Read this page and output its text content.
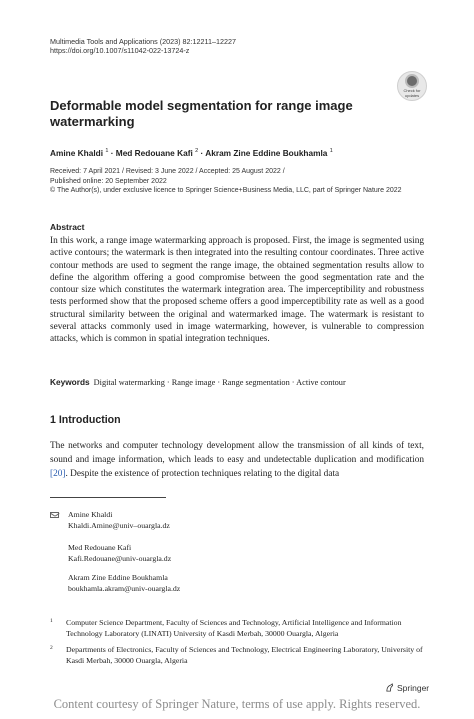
Multimedia Tools and Applications (2023) 82:12211–12227
https://doi.org/10.1007/s11042-022-13724-z
Check for
updates
Deformable model segmentation for range image watermarking
Amine Khaldi $^1$ · Med Redouane Kafi $^2$ · Akram Zine Eddine Boukhamla $^1$
Received: 7 April 2021 / Revised: 3 June 2022 / Accepted: 25 August 2022 /
Published online: 20 September 2022
© The Author(s), under exclusive licence to Springer Science+Business Media, LLC, part of Springer Nature 2022
Abstract
In this work, a range image watermarking approach is proposed. First, the image is segmented using active contours; the watermark is then integrated into the resulting contour coordinates. Three active contour methods are used to segment the range image, the obtained segmentation results allow to define the algorithm offering a good compromise between the good segmentation rate and the contour size which constitutes the watermark integration area. The imperceptibility and robustness tests performed show that the proposed scheme offers a good imperceptibility rate as well as a good structural similarity between the original and watermarked image. The watermark is resistant to several attacks commonly used in image watermarking, however, is vulnerable to compression attacks, which is common in spatial integration techniques.
Keywords Digital watermarking · Range image · Range segmentation · Active contour
1 Introduction
The networks and computer technology development allow the transmission of all kinds of text, sound and image information, which leads to easy and undetectable duplication and modification [20]. Despite the existence of protection techniques relating to the digital data
Amine Khaldi
Khaldi.Amine@univ–ouargla.dz
Med Redouane Kafi
Kafi.Redouane@univ-ouargla.dz
Akram Zine Eddine Boukhamla
boukhamla.akram@univ-ouargla.dz
1 Computer Science Department, Faculty of Sciences and Technology, Artificial Intelligence and Information Technology Laboratory (LINATI) University of Kasdi Merbah, 30000 Ouargla, Algeria
2 Departments of Electronics, Faculty of Sciences and Technology, Electrical Engineering Laboratory, University of Kasdi Merbah, 30000 Ouargla, Algeria
Springer
Content courtesy of Springer Nature, terms of use apply. Rights reserved.
